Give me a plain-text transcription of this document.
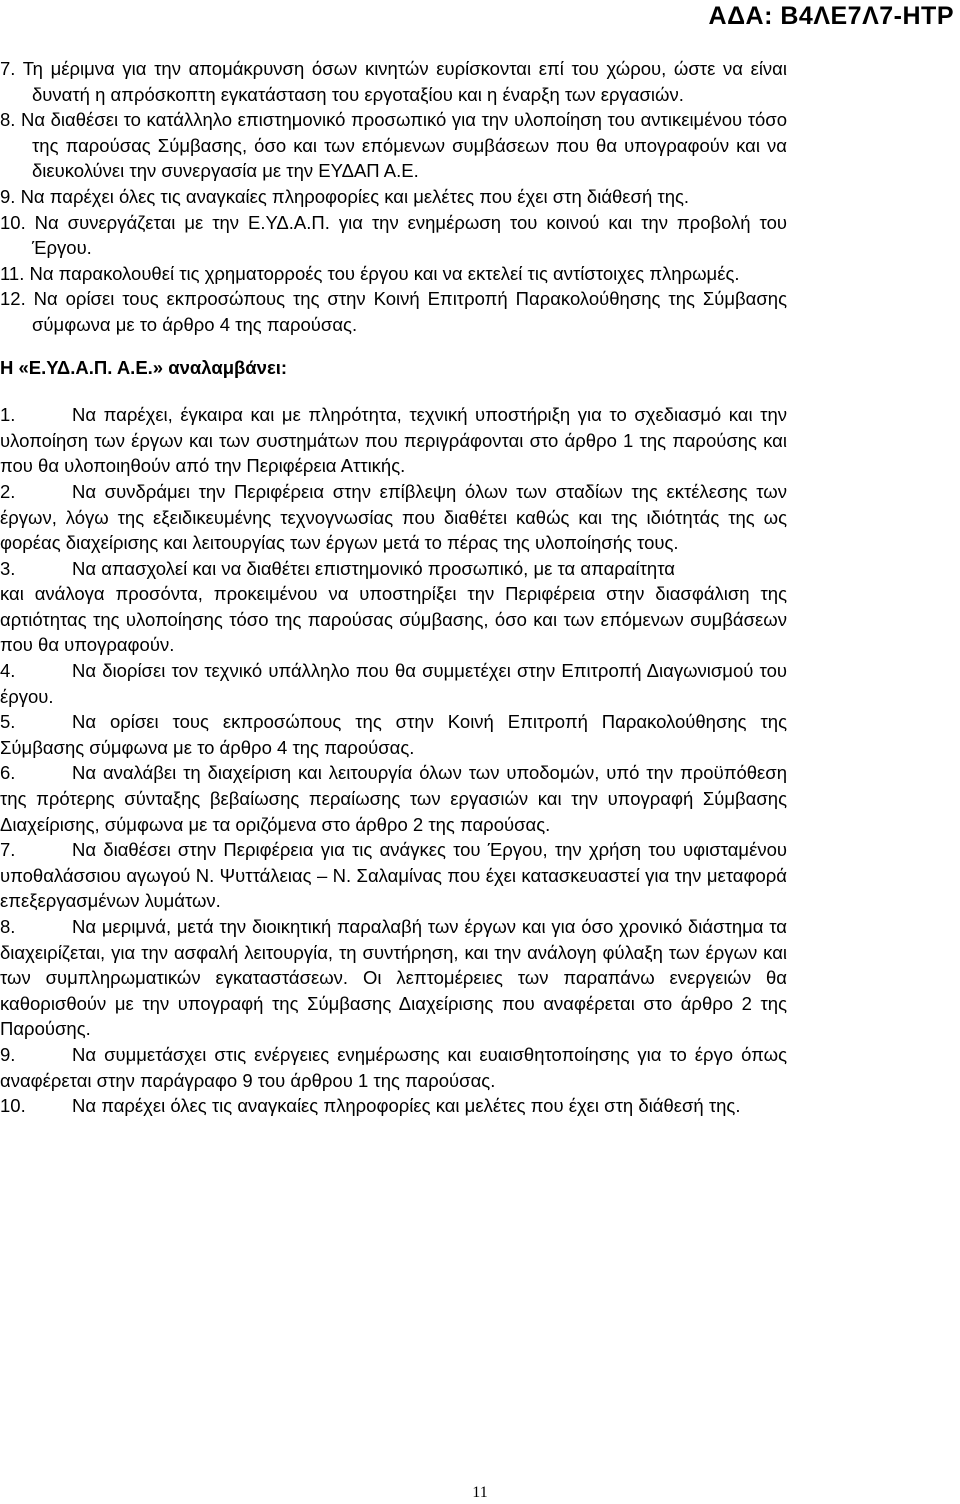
ΑΔΑ: Β4ΛΕ7Λ7-ΗΤΡ

7. Τη μέριμνα για την απομάκρυνση όσων κινητών ευρίσκονται επί του χώρου, ώστε να είναι δυνατή η απρόσκοπτη εγκατάσταση του εργοταξίου και η έναρξη των εργασιών.

8. Να διαθέσει το κατάλληλο επιστημονικό προσωπικό για την υλοποίηση του αντικειμένου τόσο της παρούσας Σύμβασης, όσο και των επόμενων συμβάσεων που θα υπογραφούν και να διευκολύνει την συνεργασία με την ΕΥΔΑΠ Α.Ε.

9. Να παρέχει όλες τις αναγκαίες πληροφορίες και μελέτες που έχει στη διάθεσή της.

10. Να συνεργάζεται με την Ε.ΥΔ.Α.Π. για την ενημέρωση του κοινού και την προβολή του Έργου.

11. Να παρακολουθεί τις χρηματορροές του έργου και να εκτελεί τις αντίστοιχες πληρωμές.

12. Να ορίσει τους εκπροσώπους της στην Κοινή Επιτροπή Παρακολούθησης της Σύμβασης σύμφωνα με το άρθρο 4 της παρούσας.

Η «Ε.ΥΔ.Α.Π. Α.Ε.» αναλαμβάνει:

1.	Να παρέχει, έγκαιρα και με πληρότητα, τεχνική υποστήριξη για το σχεδιασμό και την υλοποίηση των έργων και των συστημάτων που περιγράφονται στο άρθρο 1 της παρούσης και που θα υλοποιηθούν από την Περιφέρεια Αττικής.

2.	Να συνδράμει την Περιφέρεια στην επίβλεψη όλων των σταδίων της εκτέλεσης των έργων, λόγω της εξειδικευμένης τεχνογνωσίας που διαθέτει καθώς και της ιδιότητάς της ως φορέας διαχείρισης και λειτουργίας των έργων μετά το πέρας της υλοποίησής τους.

3.	Να απασχολεί και να διαθέτει επιστημονικό προσωπικό, με τα απαραίτητα

και ανάλογα προσόντα, προκειμένου να υποστηρίξει την Περιφέρεια στην διασφάλιση της αρτιότητας της υλοποίησης τόσο της παρούσας σύμβασης, όσο και των επόμενων συμβάσεων που θα υπογραφούν.

4.	Να διορίσει τον τεχνικό υπάλληλο που θα συμμετέχει στην Επιτροπή Διαγωνισμού του έργου.

5.	Να ορίσει τους εκπροσώπους της στην Κοινή Επιτροπή Παρακολούθησης της Σύμβασης σύμφωνα με το άρθρο 4 της παρούσας.

6.	Να αναλάβει τη διαχείριση και λειτουργία όλων των υποδομών, υπό την προϋπόθεση της πρότερης σύνταξης βεβαίωσης περαίωσης των εργασιών και την υπογραφή Σύμβασης Διαχείρισης, σύμφωνα με τα οριζόμενα στο άρθρο 2 της παρούσας.

7.	Να διαθέσει στην Περιφέρεια για τις ανάγκες του Έργου, την χρήση του υφισταμένου υποθαλάσσιου αγωγού Ν. Ψυττάλειας – Ν. Σαλαμίνας που έχει κατασκευαστεί για την μεταφορά επεξεργασμένων λυμάτων.

8.	Να μεριμνά, μετά την διοικητική παραλαβή των έργων και για όσο χρονικό διάστημα τα διαχειρίζεται, για την ασφαλή λειτουργία, τη συντήρηση, και την ανάλογη φύλαξη των έργων και των συμπληρωματικών εγκαταστάσεων. Οι λεπτομέρειες των παραπάνω ενεργειών θα καθορισθούν με την υπογραφή της Σύμβασης Διαχείρισης που αναφέρεται στο άρθρο 2 της Παρούσης.

9.	Να συμμετάσχει στις ενέργειες ενημέρωσης και ευαισθητοποίησης για το έργο όπως αναφέρεται στην παράγραφο 9 του άρθρου 1 της παρούσας.

10.	Να παρέχει όλες τις αναγκαίες πληροφορίες και μελέτες που έχει στη διάθεσή της.

11
